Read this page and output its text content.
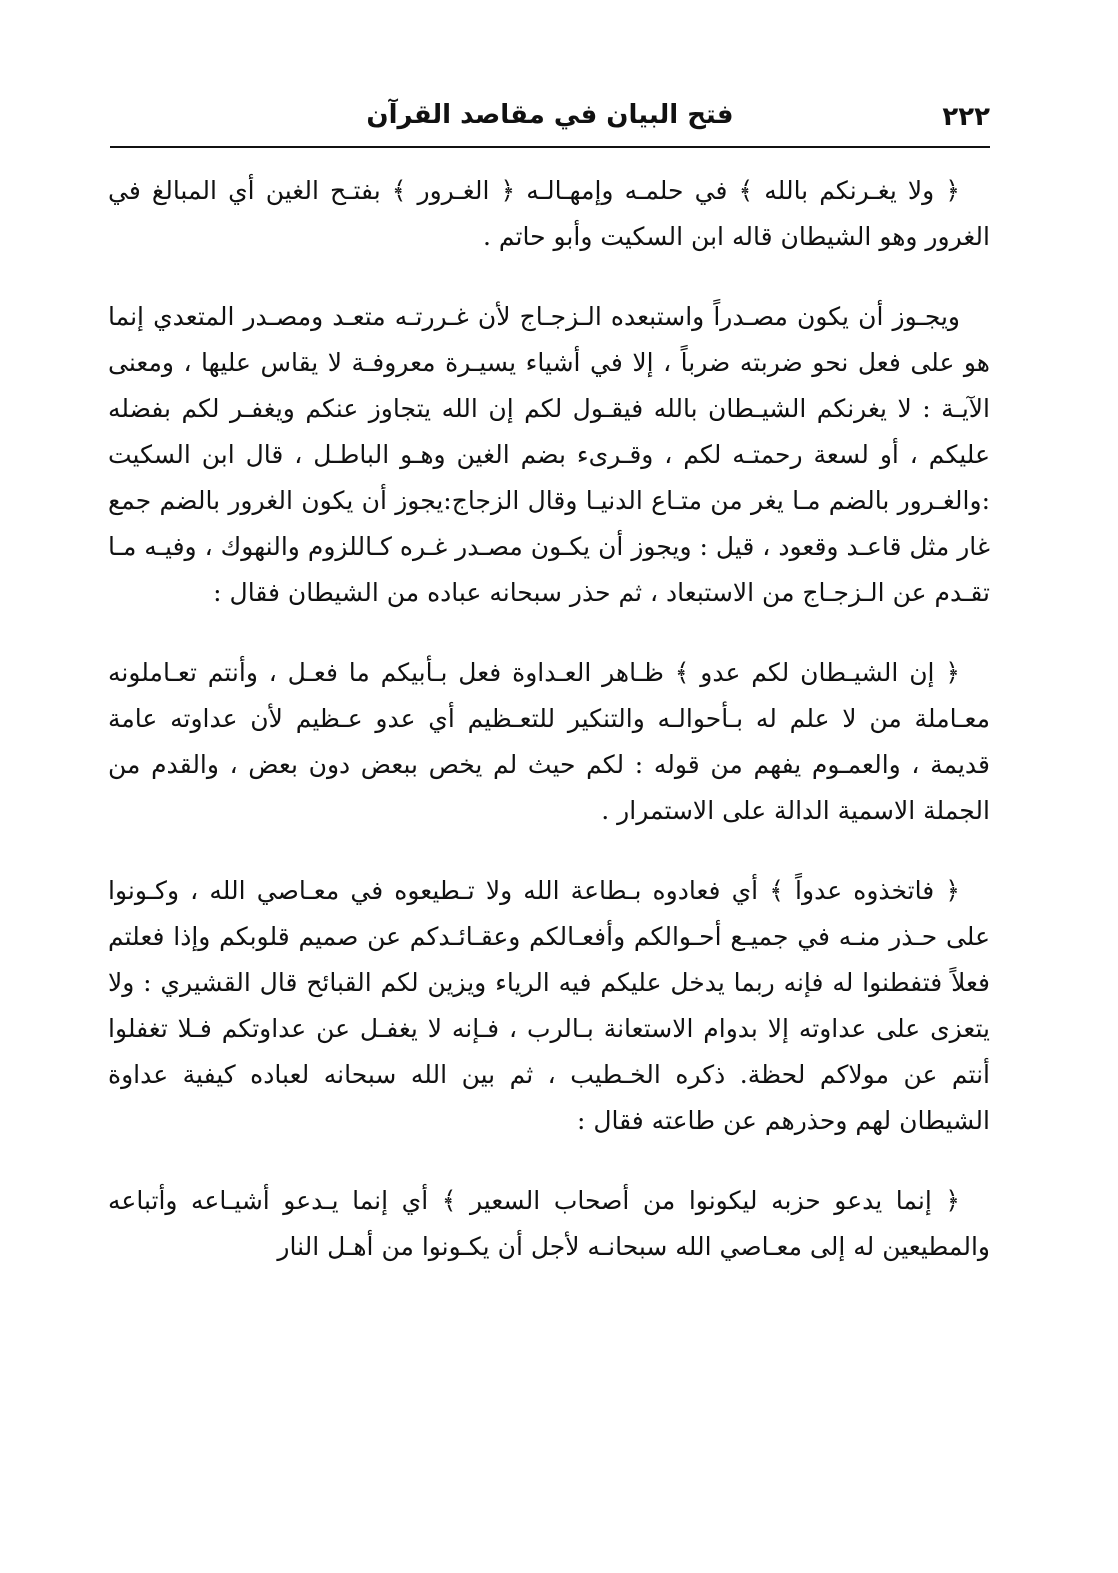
٢٢٢
فتح البيان في مقاصد القرآن

﴿ ولا يغـرنكم بالله ﴾ في حلمـه وإمهـالـه ﴿ الغـرور ﴾ بفتـح الغين أي المبالغ في الغرور وهو الشيطان قاله ابن السكيت وأبو حاتم .

ويجـوز أن يكون مصـدراً واستبعده الـزجـاج لأن غـررتـه متعـد ومصـدر المتعدي إنما هو على فعل نحو ضربته ضرباً ، إلا في أشياء يسيـرة معروفـة لا يقاس عليها ، ومعنى الآيـة : لا يغرنكم الشيـطان بالله فيقـول لكم إن الله يتجاوز عنكم ويغفـر لكم بفضله عليكم ، أو لسعة رحمتـه لكم ، وقـرىء بضم الغين وهـو الباطـل ، قال ابن السكيت :والغـرور بالضم مـا يغر من متـاع الدنيـا وقال الزجاج:يجوز أن يكون الغرور بالضم جمع غار مثل قاعـد وقعود ، قيل : ويجوز أن يكـون مصـدر غـره كـاللزوم والنهوك ، وفيـه مـا تقـدم عن الـزجـاج من الاستبعاد ، ثم حذر سبحانه عباده من الشيطان فقال :

﴿ إن الشيـطان لكم عدو ﴾ ظـاهر العـداوة فعل بـأبيكم ما فعـل ، وأنتم تعـاملونه معـاملة من لا علم له بـأحوالـه والتنكير للتعـظيم أي عدو عـظيم لأن عداوته عامة قديمة ، والعمـوم يفهم من قوله : لكم حيث لم يخص ببعض دون بعض ، والقدم من الجملة الاسمية الدالة على الاستمرار .

﴿ فاتخذوه عدواً ﴾ أي فعادوه بـطاعة الله ولا تـطيعوه في معـاصي الله ، وكـونوا على حـذر منـه في جميـع أحـوالكم وأفعـالكم وعقـائـدكم عن صميم قلوبكم وإذا فعلتم فعلاً فتفطنوا له فإنه ربما يدخل عليكم فيه الرياء ويزين لكم القبائح قال القشيري : ولا يتعزى على عداوته إلا بدوام الاستعانة بـالرب ، فـإنه لا يغفـل عن عداوتكم فـلا تغفلوا أنتم عن مولاكم لحظة. ذكره الخـطيب ، ثم بين الله سبحانه لعباده كيفية عداوة الشيطان لهم وحذرهم عن طاعته فقال :

﴿ إنما يدعو حزبه ليكونوا من أصحاب السعير ﴾ أي إنما يـدعو أشيـاعه وأتباعه والمطيعين له إلى معـاصي الله سبحانـه لأجل أن يكـونوا من أهـل النار
